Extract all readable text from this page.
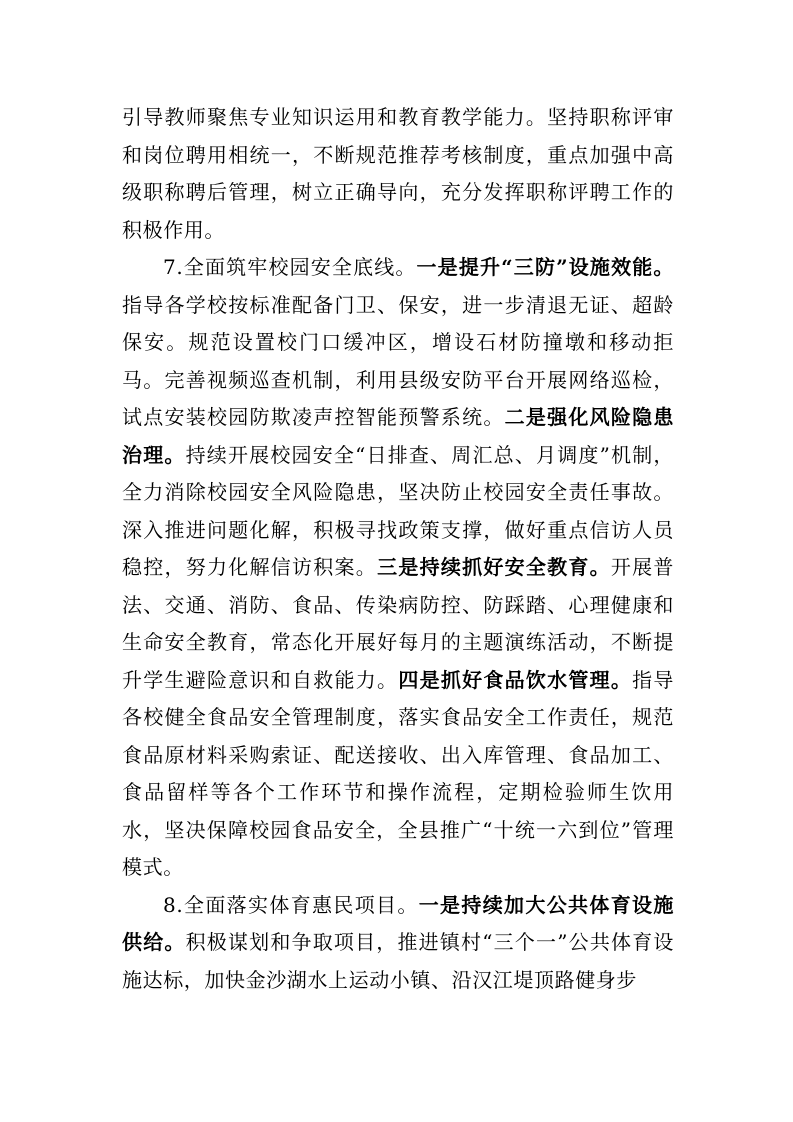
引导教师聚焦专业知识运用和教育教学能力。坚持职称评审和岗位聘用相统一，不断规范推荐考核制度，重点加强中高级职称聘后管理，树立正确导向，充分发挥职称评聘工作的积极作用。

7.全面筑牢校园安全底线。一是提升“三防”设施效能。指导各学校按标准配备门卫、保安，进一步清退无证、超龄保安。规范设置校门口缓冲区，增设石材防撞墩和移动拒马。完善视频巡查机制，利用县级安防平台开展网络巡检，试点安装校园防欺凌声控智能预警系统。二是强化风险隐患治理。持续开展校园安全“日排查、周汇总、月调度”机制，全力消除校园安全风险隐患，坚决防止校园安全责任事故。深入推进问题化解，积极寻找政策支撑，做好重点信访人员稳控，努力化解信访积案。三是持续抓好安全教育。开展普法、交通、消防、食品、传染病防控、防踩踏、心理健康和生命安全教育，常态化开展好每月的主题演练活动，不断提升学生避险意识和自救能力。四是抓好食品饮水管理。指导各校健全食品安全管理制度，落实食品安全工作责任，规范食品原材料采购索证、配送接收、出入库管理、食品加工、食品留样等各个工作环节和操作流程，定期检验师生饮用水，坚决保障校园食品安全，全县推广“十统一六到位”管理模式。

8.全面落实体育惠民项目。一是持续加大公共体育设施供给。积极谋划和争取项目，推进镇村“三个一”公共体育设施达标，加快金沙湖水上运动小镇、沿汉江堤顶路健身步
